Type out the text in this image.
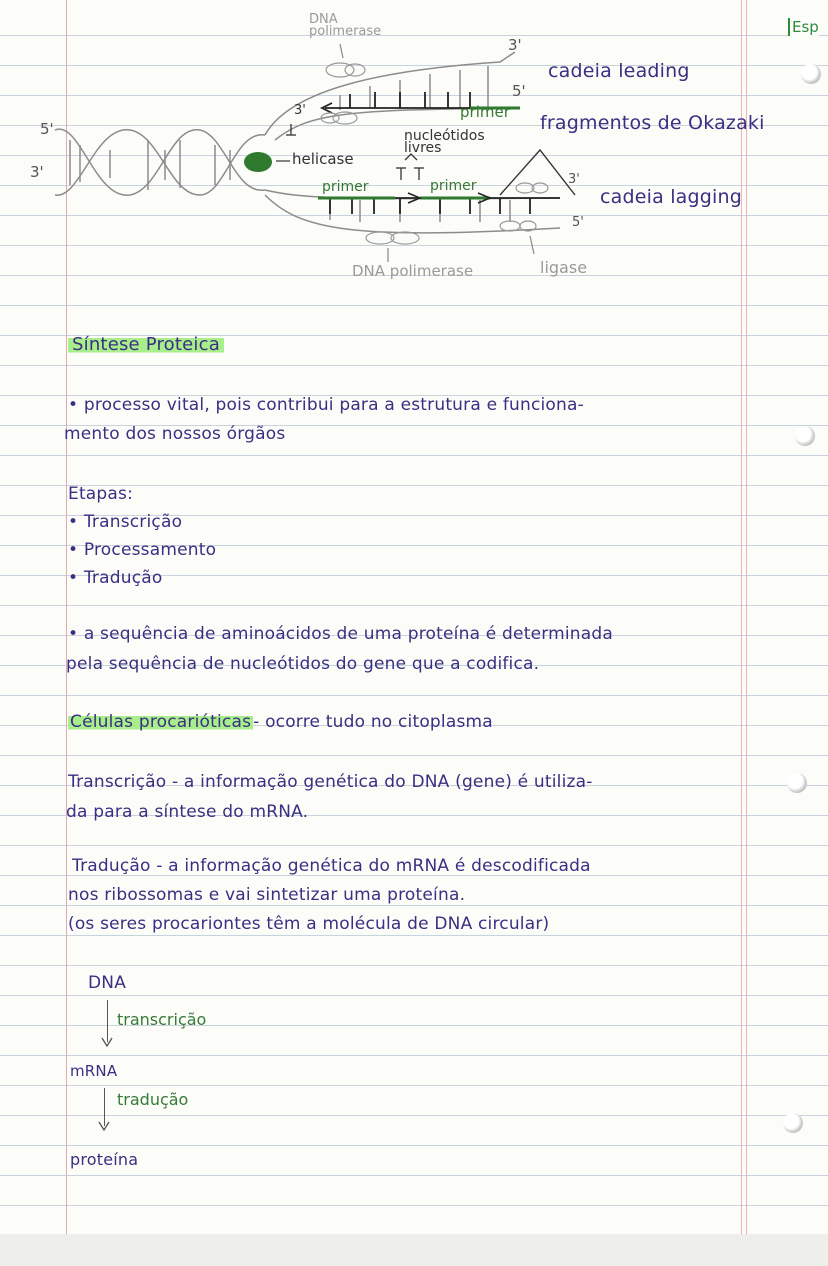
Esp
DNA
polimerase
3'
5'
cadeia leading
primer
3'
nucleótidos
livres
fragmentos de Okazaki
5'
3'
helicase
primer	primer	3'
cadeia lagging
5'
DNA polimerase	ligase
Síntese Proteica
• processo vital, pois contribui para a estrutura e funciona-
mento dos nossos órgãos
Etapas:
• Transcrição
• Processamento
• Tradução
• a sequência de aminoácidos de uma proteína é determinada
pela sequência de nucleótidos do gene que a codifica.
Células procarióticas - ocorre tudo no citoplasma
Transcrição - a informação genética do DNA (gene) é utiliza-
da para a síntese do mRNA.
Tradução - a informação genética do mRNA é descodificada
nos ribossomas e vai sintetizar uma proteína.
(os seres procariontes têm a molécula de DNA circular)
DNA
transcrição
mRNA
tradução
proteína
